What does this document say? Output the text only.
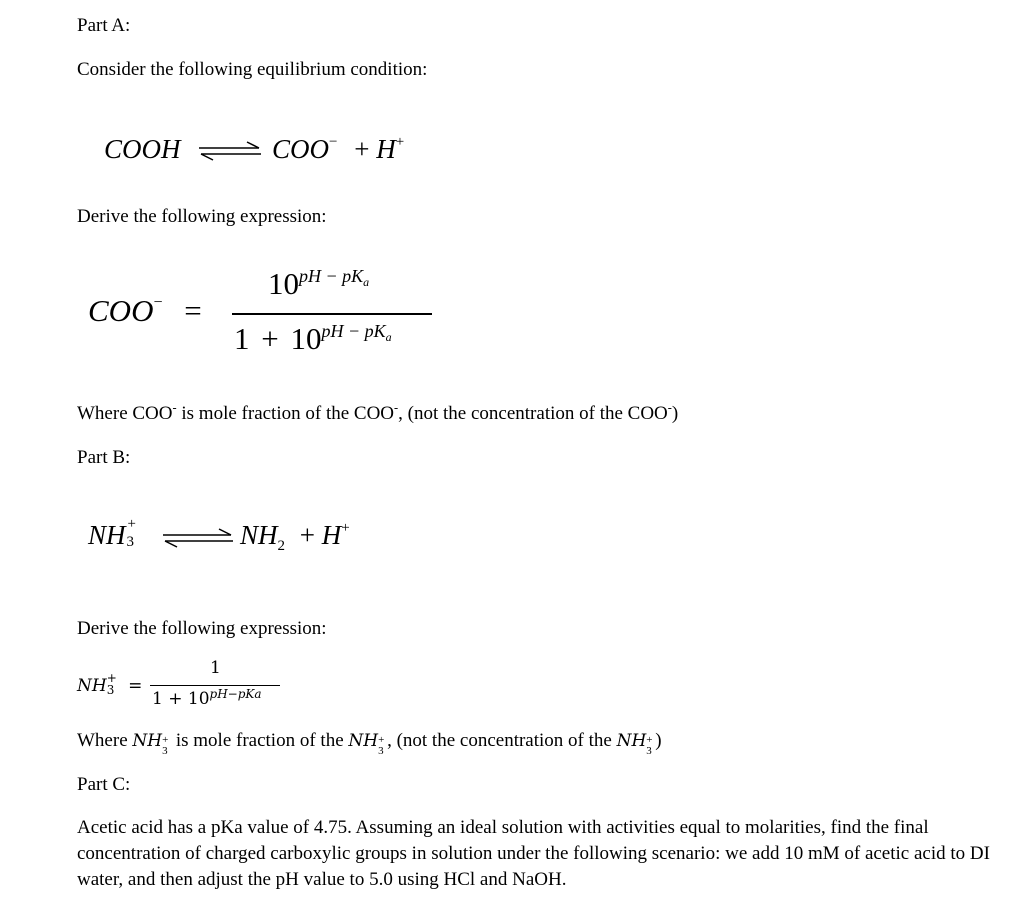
Part A:
Consider the following equilibrium condition:
COOH	COO− + H+
Derive the following expression:
COO− =
$10^{pH - pKa}$
$1 + 10^{pH - pKa}$
Where COO- is mole fraction of the COO-, (not the concentration of the COO-)
Part B:
NH +
3	$NH_2 + H^+$
Derive the following expression:
NH +
3 =
1
$1 + 10^{pH-pKa}$
Where NH +
3 is mole fraction of the NH +
3 , (not the concentration of the NH +
3 )
Part C:
Acetic acid has a pKa value of 4.75. Assuming an ideal solution with activities equal to molarities, find the final concentration of charged carboxylic groups in solution under the following scenario: we add 10 mM of acetic acid to DI water, and then adjust the pH value to 5.0 using HCl and NaOH.
